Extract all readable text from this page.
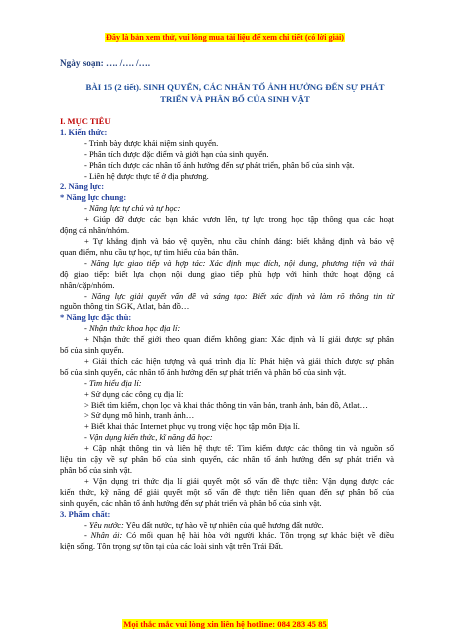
Đây là bản xem thử, vui lòng mua tài liệu để xem chi tiết (có lời giải)
Ngày soạn: …. /…. /….
BÀI 15 (2 tiết). SINH QUYỂN, CÁC NHÂN TỐ ẢNH HƯỞNG ĐẾN SỰ PHÁT
TRIỂN VÀ PHÂN BỐ CỦA SINH VẬT
I. MỤC TIÊU
1. Kiến thức:
- Trình bày được khái niệm sinh quyển.
- Phân tích được đặc điểm và giới hạn của sinh quyển.
- Phân tích được các nhân tố ảnh hưởng đến sự phát triển, phân bố của sinh vật.
- Liên hệ được thực tế ở địa phương.
2. Năng lực:
* Năng lực chung:
- Năng lực tự chủ và tự học:
+ Giúp đỡ được các bạn khác vươn lên, tự lực trong học tập thông qua các hoạt
động cá nhân/nhóm.
+ Tự khẳng định và bảo vệ quyền, nhu cầu chính đáng: biết khẳng định và bảo vệ
quan điểm, nhu cầu tự học, tự tìm hiểu của bản thân.
- Năng lực giao tiếp và hợp tác: Xác định mục đích, nội dung, phương tiện và thái
độ giao tiếp: biết lựa chọn nội dung giao tiếp phù hợp với hình thức hoạt động cá
nhân/cặp/nhóm.
- Năng lực giải quyết vấn đề và sáng tạo: Biết xác định và làm rõ thông tin từ
nguồn thông tin SGK, Atlat, bản đồ…
* Năng lực đặc thù:
- Nhận thức khoa học địa lí:
+ Nhận thức thế giới theo quan điểm không gian: Xác định và lí giải được sự phân
bố của sinh quyển.
+ Giải thích các hiện tượng và quá trình địa lí: Phát hiện và giải thích được sự phân
bố của sinh quyển, các nhân tố ảnh hưởng đến sự phát triển và phân bố của sinh vật.
- Tìm hiểu địa lí:
+ Sử dụng các công cụ địa lí:
> Biết tìm kiếm, chọn lọc và khai thác thông tin văn bản, tranh ảnh, bản đồ, Atlat…
> Sử dụng mô hình, tranh ảnh…
+ Biết khai thác Internet phục vụ trong việc học tập môn Địa lí.
- Vận dụng kiến thức, kĩ năng đã học:
+ Cập nhật thông tin và liên hệ thực tế: Tìm kiếm được các thông tin và nguồn số
liệu tin cậy về sự phân bố của sinh quyển, các nhân tố ảnh hưởng đến sự phát triển và
phân bố của sinh vật.
+ Vận dụng tri thức địa lí giải quyết một số vấn đề thực tiễn: Vận dụng được các
kiến thức, kỹ năng để giải quyết một số vấn đề thực tiễn liên quan đến sự phân bố của
sinh quyển, các nhân tố ảnh hưởng đến sự phát triển và phân bố của sinh vật.
3. Phẩm chất:
- Yêu nước: Yêu đất nước, tự hào về tự nhiên của quê hương đất nước.
- Nhân ái: Có mối quan hệ hài hòa với người khác. Tôn trọng sự khác biệt về điều
kiện sống. Tôn trọng sự tồn tại của các loài sinh vật trên Trái Đất.
Mọi thắc mắc vui lòng xin liên hệ hotline: 084 283 45 85
